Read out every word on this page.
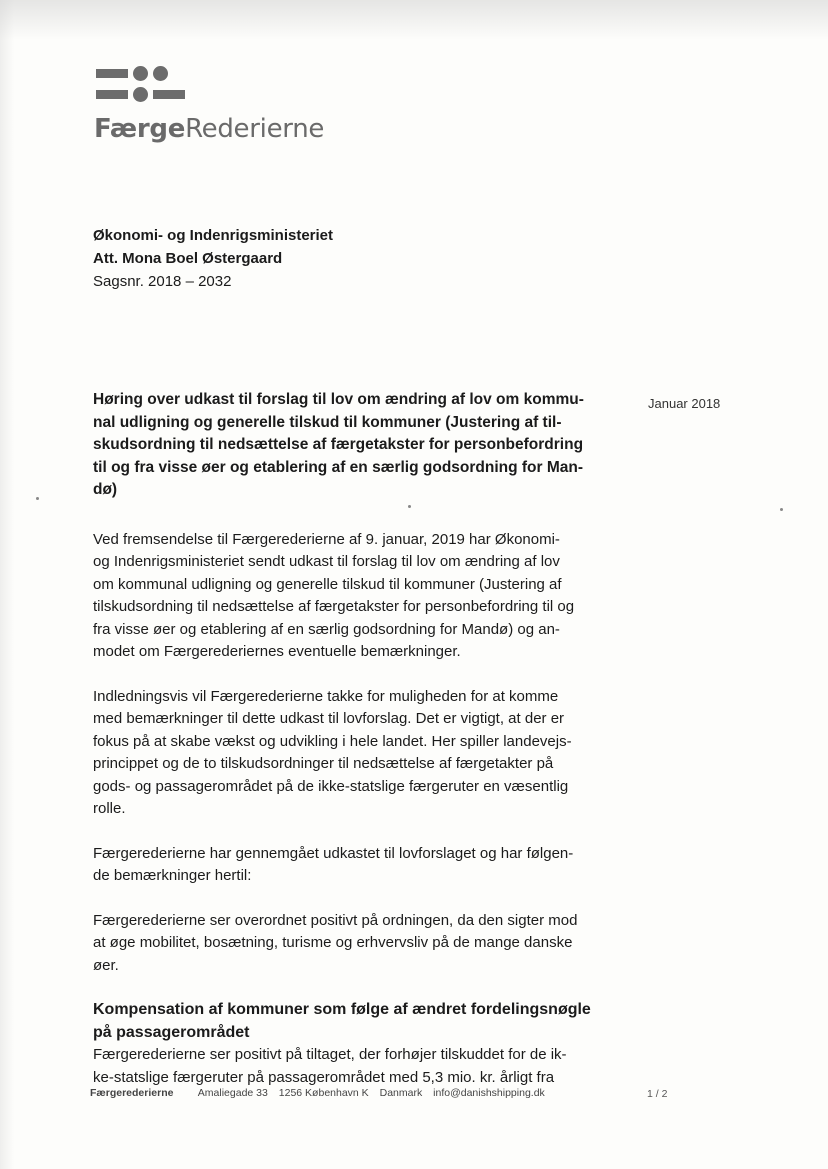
FærgeRederierne
Økonomi- og Indenrigsministeriet
Att. Mona Boel Østergaard
Sagsnr. 2018 – 2032
Januar 2018

Høring over udkast til forslag til lov om ændring af lov om kommu-
nal udligning og generelle tilskud til kommuner (Justering af til-
skudsordning til nedsættelse af færgetakster for personbefordring
til og fra visse øer og etablering af en særlig godsordning for Man-
dø)

Ved fremsendelse til Færgerederierne af 9. januar, 2019 har Økonomi-
og Indenrigsministeriet sendt udkast til forslag til lov om ændring af lov
om kommunal udligning og generelle tilskud til kommuner (Justering af
tilskudsordning til nedsættelse af færgetakster for personbefordring til og
fra visse øer og etablering af en særlig godsordning for Mandø) og an-
modet om Færgerederiernes eventuelle bemærkninger.

Indledningsvis vil Færgerederierne takke for muligheden for at komme
med bemærkninger til dette udkast til lovforslag. Det er vigtigt, at der er
fokus på at skabe vækst og udvikling i hele landet. Her spiller landevejs-
princippet og de to tilskudsordninger til nedsættelse af færgetakter på
gods- og passagerområdet på de ikke-statslige færgeruter en væsentlig
rolle.

Færgerederierne har gennemgået udkastet til lovforslaget og har følgen-
de bemærkninger hertil:

Færgerederierne ser overordnet positivt på ordningen, da den sigter mod
at øge mobilitet, bosætning, turisme og erhvervsliv på de mange danske
øer.

Kompensation af kommuner som følge af ændret fordelingsnøgle
på passagerområdet

Færgerederierne ser positivt på tiltaget, der forhøjer tilskuddet for de ik-
ke-statslige færgeruter på passagerområdet med 5,3 mio. kr. årligt fra

Færgerederierne Amaliegade 33 1256 København K Danmark info@danishshipping.dk	1 / 2
